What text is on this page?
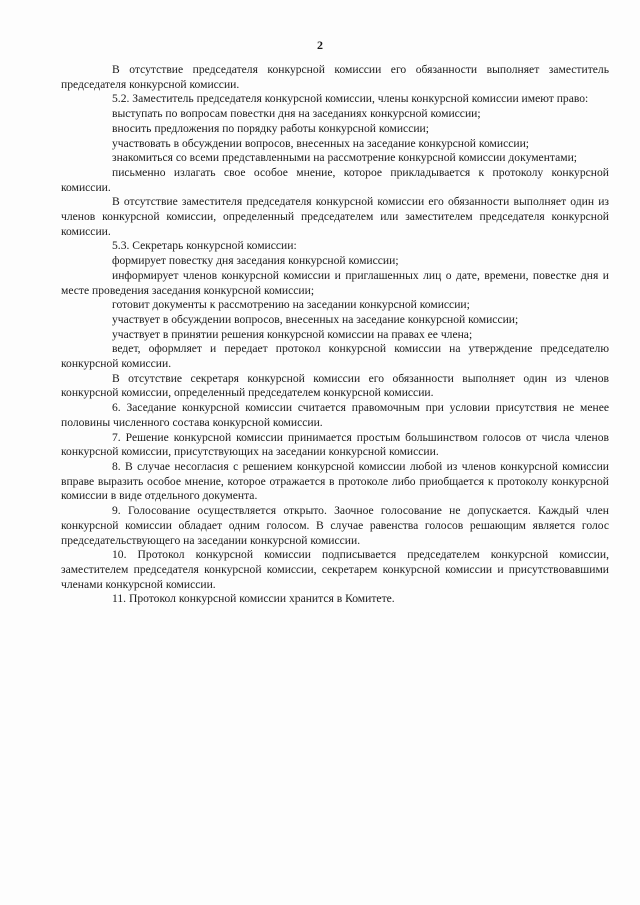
2

В отсутствие председателя конкурсной комиссии его обязанности выполняет заместитель председателя конкурсной комиссии.

5.2. Заместитель председателя конкурсной комиссии, члены конкурсной комиссии имеют право:

выступать по вопросам повестки дня на заседаниях конкурсной комиссии;

вносить предложения по порядку работы конкурсной комиссии;

участвовать в обсуждении вопросов, внесенных на заседание конкурсной комиссии;

знакомиться со всеми представленными на рассмотрение конкурсной комиссии документами;

письменно излагать свое особое мнение, которое прикладывается к протоколу конкурсной комиссии.

В отсутствие заместителя председателя конкурсной комиссии его обязанности выполняет один из членов конкурсной комиссии, определенный председателем или заместителем председателя конкурсной комиссии.

5.3. Секретарь конкурсной комиссии:

формирует повестку дня заседания конкурсной комиссии;

информирует членов конкурсной комиссии и приглашенных лиц о дате, времени, повестке дня и месте проведения заседания конкурсной комиссии;

готовит документы к рассмотрению на заседании конкурсной комиссии;

участвует в обсуждении вопросов, внесенных на заседание конкурсной комиссии;

участвует в принятии решения конкурсной комиссии на правах ее члена;

ведет, оформляет и передает протокол конкурсной комиссии на утверждение председателю конкурсной комиссии.

В отсутствие секретаря конкурсной комиссии его обязанности выполняет один из членов конкурсной комиссии, определенный председателем конкурсной комиссии.

6. Заседание конкурсной комиссии считается правомочным при условии присутствия не менее половины численного состава конкурсной комиссии.

7. Решение конкурсной комиссии принимается простым большинством голосов от числа членов конкурсной комиссии, присутствующих на заседании конкурсной комиссии.

8. В случае несогласия с решением конкурсной комиссии любой из членов конкурсной комиссии вправе выразить особое мнение, которое отражается в протоколе либо приобщается к протоколу конкурсной комиссии в виде отдельного документа.

9. Голосование осуществляется открыто. Заочное голосование не допускается. Каждый член конкурсной комиссии обладает одним голосом. В случае равенства голосов решающим является голос председательствующего на заседании конкурсной комиссии.

10. Протокол конкурсной комиссии подписывается председателем конкурсной комиссии, заместителем председателя конкурсной комиссии, секретарем конкурсной комиссии и присутствовавшими членами конкурсной комиссии.

11. Протокол конкурсной комиссии хранится в Комитете.
